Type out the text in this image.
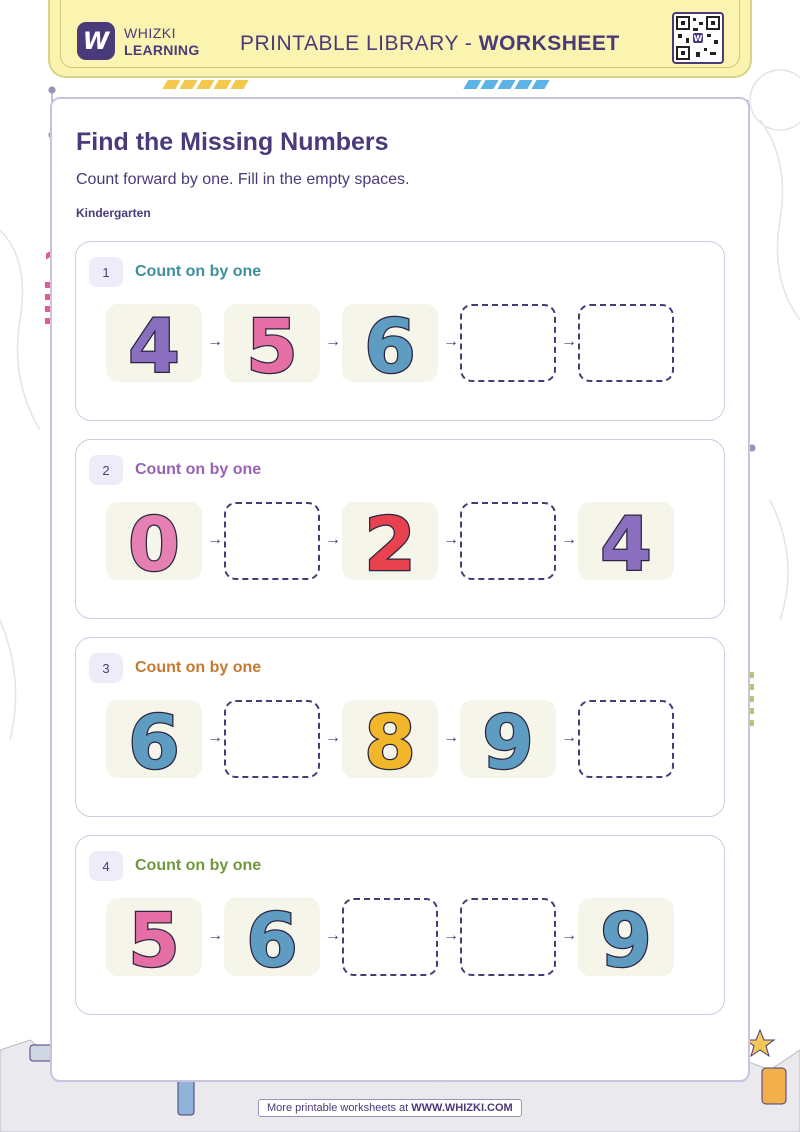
W WHIZKI
LEARNING PRINTABLE LIBRARY - WORKSHEET	W
Find the Missing Numbers
Count forward by one. Fill in the empty spaces.
Kindergarten
1	Count on by one
4 5 6
→	→	→	→
2	Count on by one
0 2 4
→	→	→	→
3	Count on by one
6 8 9
→	→	→	→
4	Count on by one
5 6	9
→	→	→	→
More printable worksheets at WWW.WHIZKI.COM
